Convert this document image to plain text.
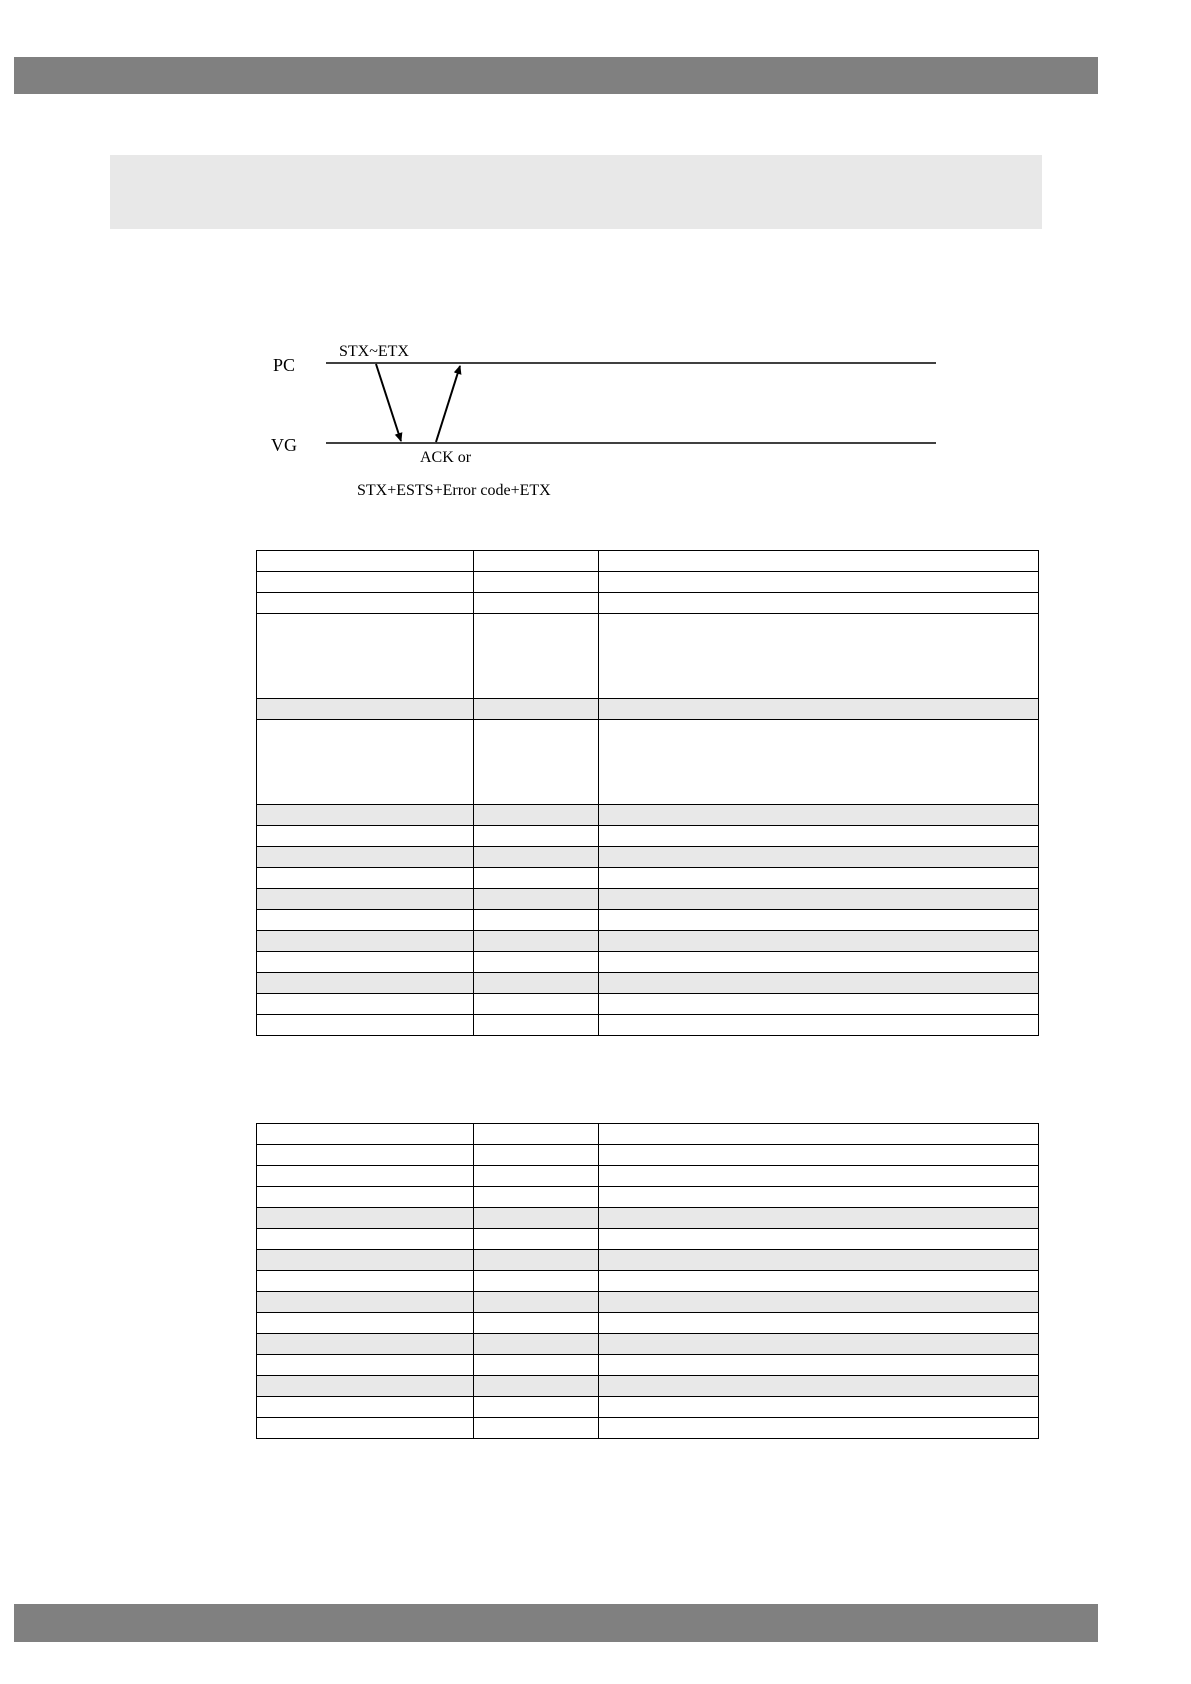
PC
VG
STX~ETX
ACK or
STX+ESTS+Error code+ETX
